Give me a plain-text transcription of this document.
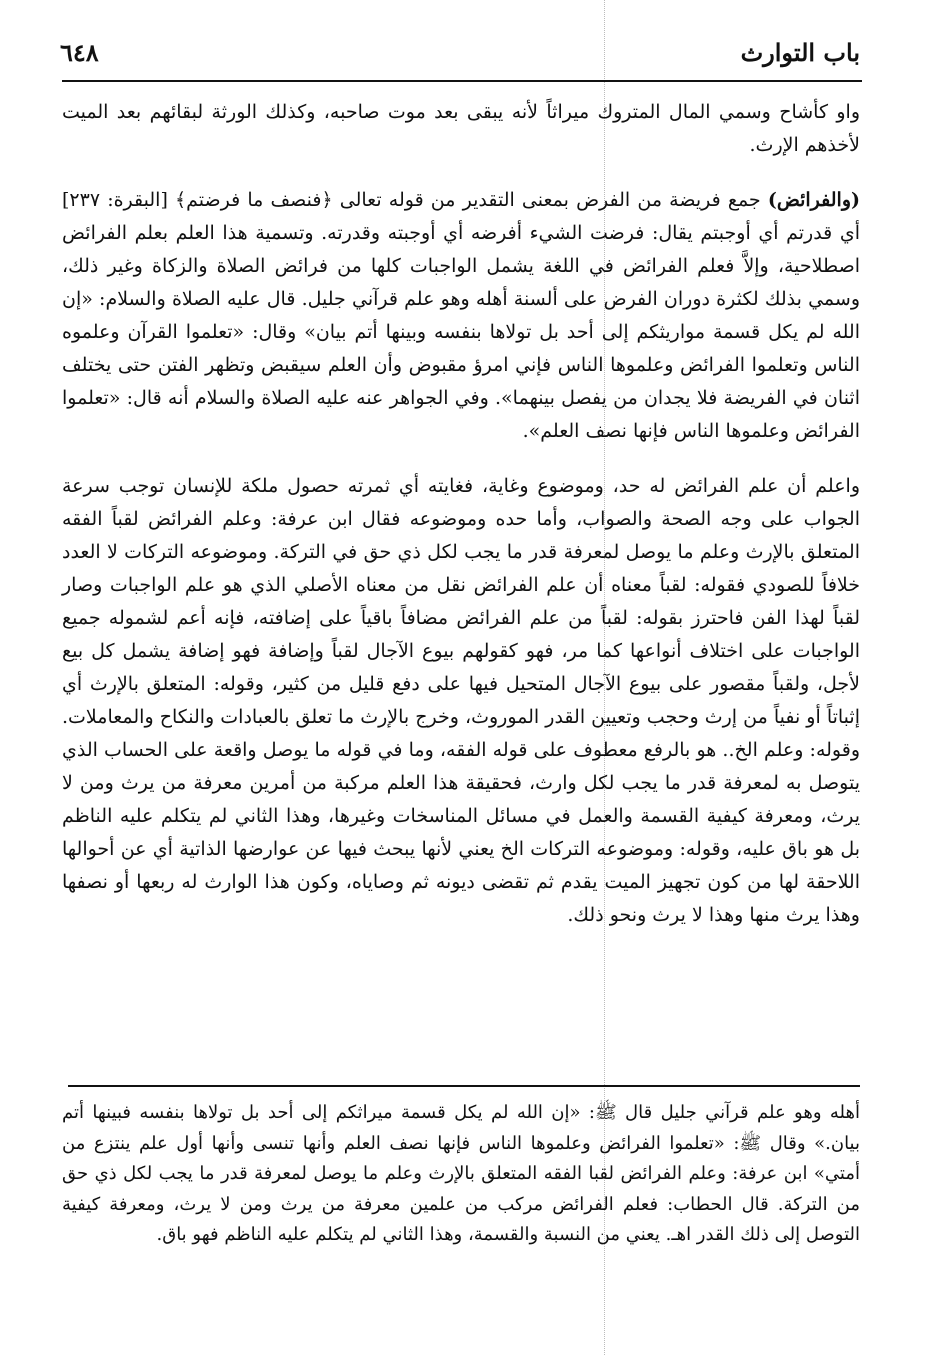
باب التوارث
٦٤٨

واو كأشاح وسمي المال المتروك ميراثاً لأنه يبقى بعد موت صاحبه، وكذلك الورثة لبقائهم بعد الميت لأخذهم الإرث.

(والفرائض) جمع فريضة من الفرض بمعنى التقدير من قوله تعالى ﴿فنصف ما فرضتم﴾ [البقرة: ٢٣٧] أي قدرتم أي أوجبتم يقال: فرضت الشيء أفرضه أي أوجبته وقدرته. وتسمية هذا العلم بعلم الفرائض اصطلاحية، وإلاَّ فعلم الفرائض في اللغة يشمل الواجبات كلها من فرائض الصلاة والزكاة وغير ذلك، وسمي بذلك لكثرة دوران الفرض على ألسنة أهله وهو علم قرآني جليل. قال عليه الصلاة والسلام: «إن الله لم يكل قسمة مواريثكم إلى أحد بل تولاها بنفسه وبينها أتم بيان» وقال: «تعلموا القرآن وعلموه الناس وتعلموا الفرائض وعلموها الناس فإني امرؤ مقبوض وأن العلم سيقبض وتظهر الفتن حتى يختلف اثنان في الفريضة فلا يجدان من يفصل بينهما». وفي الجواهر عنه عليه الصلاة والسلام أنه قال: «تعلموا الفرائض وعلموها الناس فإنها نصف العلم».

واعلم أن علم الفرائض له حد، وموضوع وغاية، فغايته أي ثمرته حصول ملكة للإنسان توجب سرعة الجواب على وجه الصحة والصواب، وأما حده وموضوعه فقال ابن عرفة: وعلم الفرائض لقباً الفقه المتعلق بالإرث وعلم ما يوصل لمعرفة قدر ما يجب لكل ذي حق في التركة. وموضوعه التركات لا العدد خلافاً للصودي فقوله: لقباً معناه أن علم الفرائض نقل من معناه الأصلي الذي هو علم الواجبات وصار لقباً لهذا الفن فاحترز بقوله: لقباً من علم الفرائض مضافاً باقياً على إضافته، فإنه أعم لشموله جميع الواجبات على اختلاف أنواعها كما مر، فهو كقولهم بيوع الآجال لقباً وإضافة فهو إضافة يشمل كل بيع لأجل، ولقباً مقصور على بيوع الآجال المتحيل فيها على دفع قليل من كثير، وقوله: المتعلق بالإرث أي إثباتاً أو نفياً من إرث وحجب وتعيين القدر الموروث، وخرج بالإرث ما تعلق بالعبادات والنكاح والمعاملات. وقوله: وعلم الخ.. هو بالرفع معطوف على قوله الفقه، وما في قوله ما يوصل واقعة على الحساب الذي يتوصل به لمعرفة قدر ما يجب لكل وارث، فحقيقة هذا العلم مركبة من أمرين معرفة من يرث ومن لا يرث، ومعرفة كيفية القسمة والعمل في مسائل المناسخات وغيرها، وهذا الثاني لم يتكلم عليه الناظم بل هو باق عليه، وقوله: وموضوعه التركات الخ يعني لأنها يبحث فيها عن عوارضها الذاتية أي عن أحوالها اللاحقة لها من كون تجهيز الميت يقدم ثم تقضى ديونه ثم وصاياه، وكون هذا الوارث له ربعها أو نصفها وهذا يرث منها وهذا لا يرث ونحو ذلك.

أهله وهو علم قرآني جليل قال ﷺ: «إن الله لم يكل قسمة ميراثكم إلى أحد بل تولاها بنفسه فبينها أتم بيان.» وقال ﷺ: «تعلموا الفرائض وعلموها الناس فإنها نصف العلم وأنها تنسى وأنها أول علم ينتزع من أمتي» ابن عرفة: وعلم الفرائض لقبا الفقه المتعلق بالإرث وعلم ما يوصل لمعرفة قدر ما يجب لكل ذي حق من التركة. قال الحطاب: فعلم الفرائض مركب من علمين معرفة من يرث ومن لا يرث، ومعرفة كيفية التوصل إلى ذلك القدر اهـ. يعني من النسبة والقسمة، وهذا الثاني لم يتكلم عليه الناظم فهو باق.
